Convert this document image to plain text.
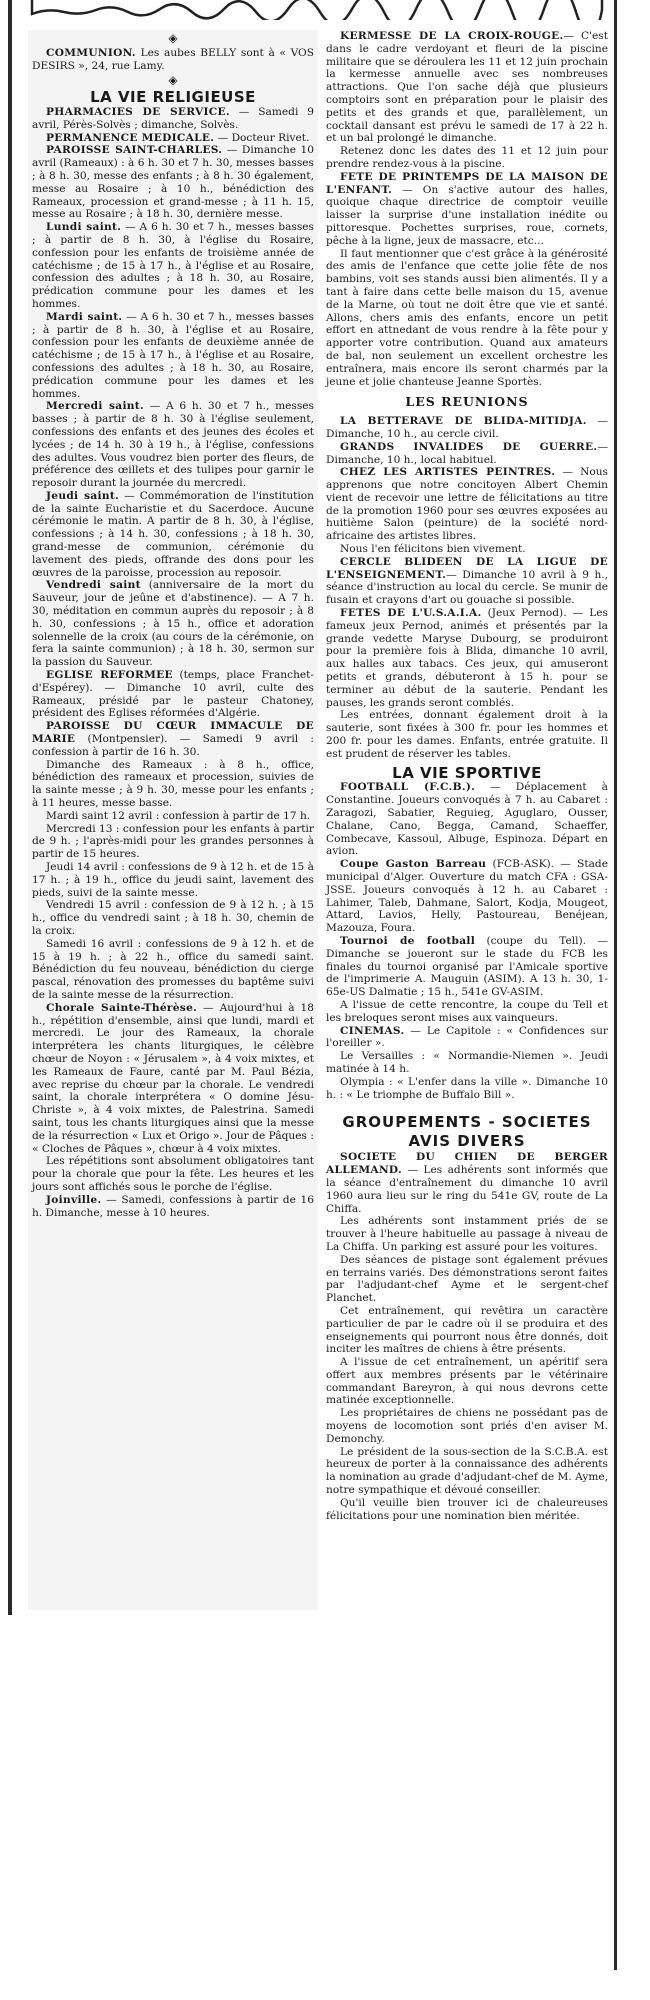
◈

COMMUNION. Les aubes BELLY sont à « VOS DESIRS », 24, rue Lamy.

◈
LA VIE RELIGIEUSE

PHARMACIES DE SERVICE. — Samedi 9 avril, Pérès-Solvès ; dimanche, Solvès.

PERMANENCE MEDICALE. — Docteur Rivet.

PAROISSE SAINT-CHARLES. — Dimanche 10 avril (Rameaux) : à 6 h. 30 et 7 h. 30, messes basses ; à 8 h. 30, messe des enfants ; à 8 h. 30 également, messe au Rosaire ; à 10 h., bénédiction des Rameaux, procession et grand-messe ; à 11 h. 15, messe au Rosaire ; à 18 h. 30, dernière messe.

Lundi saint. — A 6 h. 30 et 7 h., messes basses ; à partir de 8 h. 30, à l'église du Rosaire, confession pour les enfants de troisième année de catéchisme ; de 15 à 17 h., à l'église et au Rosaire, confession des adultes ; à 18 h. 30, au Rosaire, prédication commune pour les dames et les hommes.

Mardi saint. — A 6 h. 30 et 7 h., messes basses ; à partir de 8 h. 30, à l'église et au Rosaire, confession pour les enfants de deuxième année de catéchisme ; de 15 à 17 h., à l'église et au Rosaire, confessions des adultes ; à 18 h. 30, au Rosaire, prédication commune pour les dames et les hommes.

Mercredi saint. — A 6 h. 30 et 7 h., messes basses ; à partir de 8 h. 30 à l'église seulement, confessions des enfants et des jeunes des écoles et lycées ; de 14 h. 30 à 19 h., à l'église, confessions des adultes. Vous voudrez bien porter des fleurs, de préférence des œillets et des tulipes pour garnir le reposoir durant la journée du mercredi.

Jeudi saint. — Commémoration de l'institution de la sainte Eucharistie et du Sacerdoce. Aucune cérémonie le matin. A partir de 8 h. 30, à l'église, confessions ; à 14 h. 30, confessions ; à 18 h. 30, grand-messe de communion, cérémonie du lavement des pieds, offrande des dons pour les œuvres de la paroisse, procession au reposoir.

Vendredi saint (anniversaire de la mort du Sauveur, jour de jeûne et d'abstinence). — A 7 h. 30, méditation en commun auprès du reposoir ; à 8 h. 30, confessions ; à 15 h., office et adoration solennelle de la croix (au cours de la cérémonie, on fera la sainte communion) ; à 18 h. 30, sermon sur la passion du Sauveur.

EGLISE REFORMEE (temps, place Franchet-d'Espérey). — Dimanche 10 avril, culte des Rameaux, présidé par le pasteur Chatoney, président des Eglises réformées d'Algérie.

PAROISSE DU CŒUR IMMACULE DE MARIE (Montpensier). — Samedi 9 avril : confession à partir de 16 h. 30.

Dimanche des Rameaux : à 8 h., office, bénédiction des rameaux et procession, suivies de la sainte messe ; à 9 h. 30, messe pour les enfants ; à 11 heures, messe basse.

Mardi saint 12 avril : confession à partir de 17 h.

Mercredi 13 : confession pour les enfants à partir de 9 h. ; l'après-midi pour les grandes personnes à partir de 15 heures.

Jeudi 14 avril : confessions de 9 à 12 h. et de 15 à 17 h. ; à 19 h., office du jeudi saint, lavement des pieds, suivi de la sainte messe.

Vendredi 15 avril : confession de 9 à 12 h. ; à 15 h., office du vendredi saint ; à 18 h. 30, chemin de la croix.

Samedi 16 avril : confessions de 9 à 12 h. et de 15 à 19 h. ; à 22 h., office du samedi saint. Bénédiction du feu nouveau, bénédiction du cierge pascal, rénovation des promesses du baptême suivi de la sainte messe de la résurrection.

Chorale Sainte-Thérèse. — Aujourd'hui à 18 h., répétition d'ensemble, ainsi que lundi, mardi et mercredi. Le jour des Rameaux, la chorale interprétera les chants liturgiques, le célèbre chœur de Noyon : « Jérusalem », à 4 voix mixtes, et les Rameaux de Faure, canté par M. Paul Bézia, avec reprise du chœur par la chorale. Le vendredi saint, la chorale interprétera « O domine Jésu-Christe », à 4 voix mixtes, de Palestrina. Samedi saint, tous les chants liturgiques ainsi que la messe de la résurrection « Lux et Origo ». Jour de Pâques : « Cloches de Pâques », chœur à 4 voix mixtes.

Les répétitions sont absolument obligatoires tant pour la chorale que pour la fête. Les heures et les jours sont affichés sous le porche de l'église.

Joinville. — Samedi, confessions à partir de 16 h. Dimanche, messe à 10 heures.

KERMESSE DE LA CROIX-ROUGE.— C'est dans le cadre verdoyant et fleuri de la piscine militaire que se déroulera les 11 et 12 juin prochain la kermesse annuelle avec ses nombreuses attractions. Que l'on sache déjà que plusieurs comptoirs sont en préparation pour le plaisir des petits et des grands et que, parallèlement, un cocktail dansant est prévu le samedi de 17 à 22 h. et un bal prolongé le dimanche.

Retenez donc les dates des 11 et 12 juin pour prendre rendez-vous à la piscine.

FETE DE PRINTEMPS DE LA MAISON DE L'ENFANT. — On s'active autour des halles, quoique chaque directrice de comptoir veuille laisser la surprise d'une installation inédite ou pittoresque. Pochettes surprises, roue, cornets, pêche à la ligne, jeux de massacre, etc...

Il faut mentionner que c'est grâce à la générosité des amis de l'enfance que cette jolie fête de nos bambins, voit ses stands aussi bien alimentés. Il y a tant à faire dans cette belle maison du 15, avenue de la Marne, où tout ne doit être que vie et santé. Allons, chers amis des enfants, encore un petit effort en attnedant de vous rendre à la fête pour y apporter votre contribution. Quand aux amateurs de bal, non seulement un excellent orchestre les entraînera, mais encore ils seront charmés par la jeune et jolie chanteuse Jeanne Sportès.

LES REUNIONS

LA BETTERAVE DE BLIDA-MITIDJA. — Dimanche, 10 h., au cercle civil.

GRANDS INVALIDES DE GUERRE.— Dimanche, 10 h., local habituel.

CHEZ LES ARTISTES PEINTRES. — Nous apprenons que notre concitoyen Albert Chemin vient de recevoir une lettre de félicitations au titre de la promotion 1960 pour ses œuvres exposées au huitième Salon (peinture) de la société nord-africaine des artistes libres.

Nous l'en félicitons bien vivement.

CERCLE BLIDEEN DE LA LIGUE DE L'ENSEIGNEMENT.— Dimanche 10 avril à 9 h., séance d'instruction au local du cercle. Se munir de fusain et crayons d'art ou gouache si possible.

FETES DE L'U.S.A.I.A. (Jeux Pernod). — Les fameux jeux Pernod, animés et présentés par la grande vedette Maryse Dubourg, se produiront pour la première fois à Blida, dimanche 10 avril, aux halles aux tabacs. Ces jeux, qui amuseront petits et grands, débuteront à 15 h. pour se terminer au début de la sauterie. Pendant les pauses, les grands seront comblés.

Les entrées, donnant également droit à la sauterie, sont fixées à 300 fr. pour les hommes et 200 fr. pour les dames. Enfants, entrée gratuite. Il est prudent de réserver les tables.

LA VIE SPORTIVE

FOOTBALL (F.C.B.). — Déplacement à Constantine. Joueurs convoqués à 7 h. au Cabaret : Zaragozi, Sabatier, Reguieg, Aguglaro, Ousser, Chalane, Cano, Begga, Camand, Schaeffer, Combecave, Kassoul, Albuge, Espinoza. Départ en avion.

Coupe Gaston Barreau (FCB-ASK). — Stade municipal d'Alger. Ouverture du match CFA : GSA-JSSE. Joueurs convoqués à 12 h. au Cabaret : Lahimer, Taleb, Dahmane, Salort, Kodja, Mougeot, Attard, Lavios, Helly, Pastoureau, Benéjean, Mazouza, Foura.

Tournoi de football (coupe du Tell). — Dimanche se joueront sur le stade du FCB les finales du tournoi organisé par l'Amicale sportive de l'imprimerie A. Mauguin (ASIM). A 13 h. 30, 1-65e-US Dalmatie ; 15 h., 541e GV-ASIM.

A l'issue de cette rencontre, la coupe du Tell et les breloques seront mises aux vainqueurs.

CINEMAS. — Le Capitole : « Confidences sur l'oreiller ».

Le Versailles : « Normandie-Niemen ». Jeudi matinée à 14 h.

Olympia : « L'enfer dans la ville ». Dimanche 10 h. : « Le triomphe de Buffalo Bill ».

GROUPEMENTS - SOCIETES
AVIS DIVERS

SOCIETE DU CHIEN DE BERGER ALLEMAND. — Les adhérents sont informés que la séance d'entraînement du dimanche 10 avril 1960 aura lieu sur le ring du 541e GV, route de La Chiffa.

Les adhérents sont instamment priés de se trouver à l'heure habituelle au passage à niveau de La Chiffa. Un parking est assuré pour les voitures.

Des séances de pistage sont également prévues en terrains variés. Des démonstrations seront faites par l'adjudant-chef Ayme et le sergent-chef Planchet.

Cet entraînement, qui revêtira un caractère particulier de par le cadre où il se produira et des enseignements qui pourront nous être donnés, doit inciter les maîtres de chiens à être présents.

A l'issue de cet entraînement, un apéritif sera offert aux membres présents par le vétérinaire commandant Bareyron, à qui nous devrons cette matinée exceptionnelle.

Les propriétaires de chiens ne possédant pas de moyens de locomotion sont priés d'en aviser M. Demonchy.

Le président de la sous-section de la S.C.B.A. est heureux de porter à la connaissance des adhérents la nomination au grade d'adjudant-chef de M. Ayme, notre sympathique et dévoué conseiller.

Qu'il veuille bien trouver ici de chaleureuses félicitations pour une nomination bien méritée.
